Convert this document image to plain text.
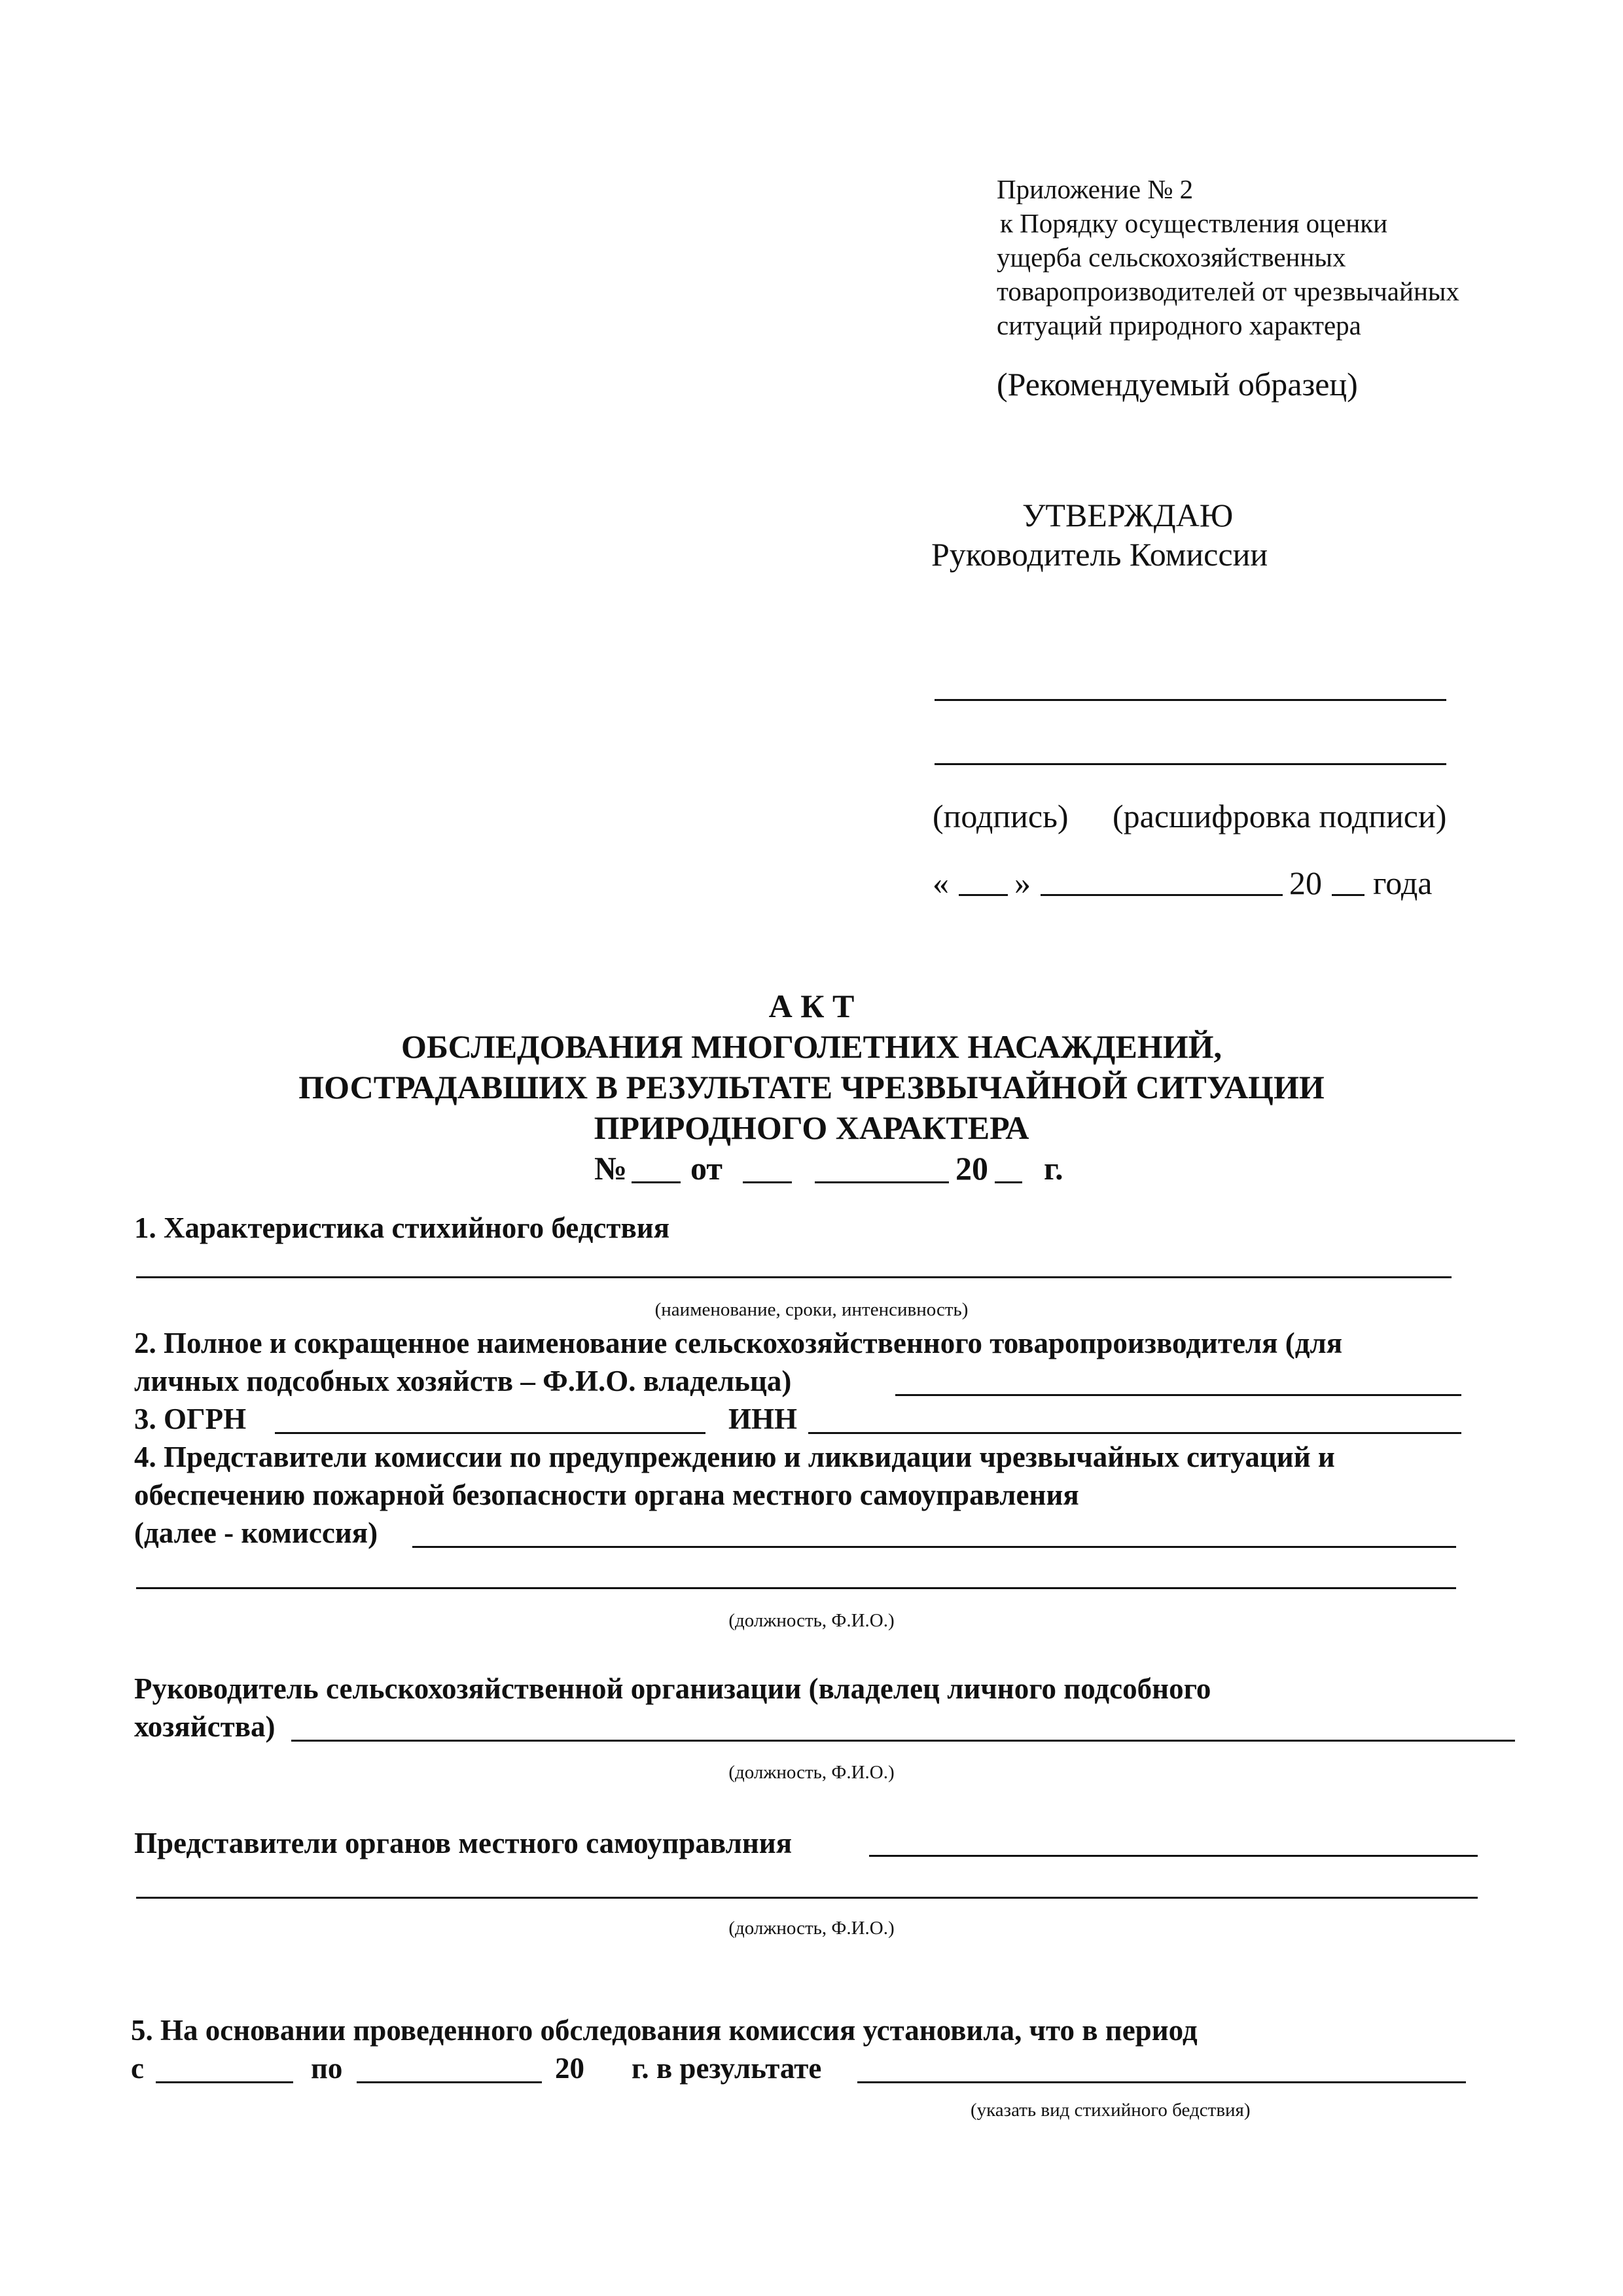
Приложение № 2
к Порядку осуществления оценки
ущерба сельскохозяйственных
товаропроизводителей от чрезвычайных
ситуаций природного характера
(Рекомендуемый образец)
УТВЕРЖДАЮ
Руководитель Комиссии
(подпись) (расшифровка подписи)
« »	20 года
А К Т
ОБСЛЕДОВАНИЯ МНОГОЛЕТНИХ НАСАЖДЕНИЙ,
ПОСТРАДАВШИХ В РЕЗУЛЬТАТЕ ЧРЕЗВЫЧАЙНОЙ СИТУАЦИИ
ПРИРОДНОГО ХАРАКТЕРА
№ от	20 г.
1. Характеристика стихийного бедствия
(наименование, сроки, интенсивность)
2. Полное и сокращенное наименование сельскохозяйственного товаропроизводителя (для
личных подсобных хозяйств – Ф.И.О. владельца)
3. ОГРН	ИНН
4. Представители комиссии по предупреждению и ликвидации чрезвычайных ситуаций и
обеспечению пожарной безопасности органа местного самоуправления
(далее - комиссия)
(должность, Ф.И.О.)
Руководитель сельскохозяйственной организации (владелец личного подсобного
хозяйства)
(должность, Ф.И.О.)
Представители органов местного самоуправлния
(должность, Ф.И.О.)
5. На основании проведенного обследования комиссия установила, что в период
с	по	20 г. в результате
(указать вид стихийного бедствия)
